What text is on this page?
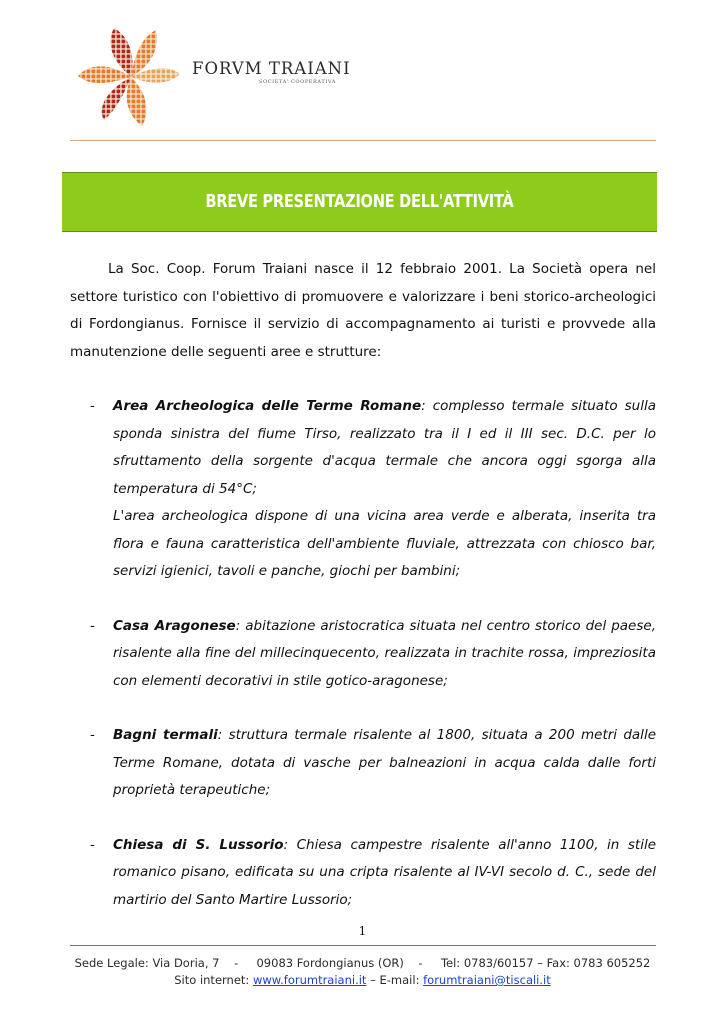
FORVM TRAIANI
SOCIETA' COOPERATIVA
BREVE PRESENTAZIONE DELL'ATTIVITÀ

La Soc. Coop. Forum Traiani nasce il 12 febbraio 2001. La Società opera nel settore turistico con l'obiettivo di promuovere e valorizzare i beni storico-archeologici di Fordongianus. Fornisce il servizio di accompagnamento ai turisti e provvede alla manutenzione delle seguenti aree e strutture:

-	Area Archeologica delle Terme Romane: complesso termale situato sulla sponda sinistra del fiume Tirso, realizzato tra il I ed il III sec. D.C. per lo sfruttamento della sorgente d'acqua termale che ancora oggi sgorga alla temperatura di 54°C;

L'area archeologica dispone di una vicina area verde e alberata, inserita tra flora e fauna caratteristica dell'ambiente fluviale, attrezzata con chiosco bar, servizi igienici, tavoli e panche, giochi per bambini;

-	Casa Aragonese: abitazione aristocratica situata nel centro storico del paese, risalente alla fine del millecinquecento, realizzata in trachite rossa, impreziosita con elementi decorativi in stile gotico-aragonese;

-	Bagni termali: struttura termale risalente al 1800, situata a 200 metri dalle Terme Romane, dotata di vasche per balneazioni in acqua calda dalle forti proprietà terapeutiche;

-	Chiesa di S. Lussorio: Chiesa campestre risalente all'anno 1100, in stile romanico pisano, edificata su una cripta risalente al IV-VI secolo d. C., sede del martirio del Santo Martire Lussorio;

1
Sede Legale: Via Doria, 7    -     09083 Fordongianus (OR)    -     Tel: 0783/60157 – Fax: 0783 605252
Sito internet: www.forumtraiani.it – E-mail: forumtraiani@tiscali.it
